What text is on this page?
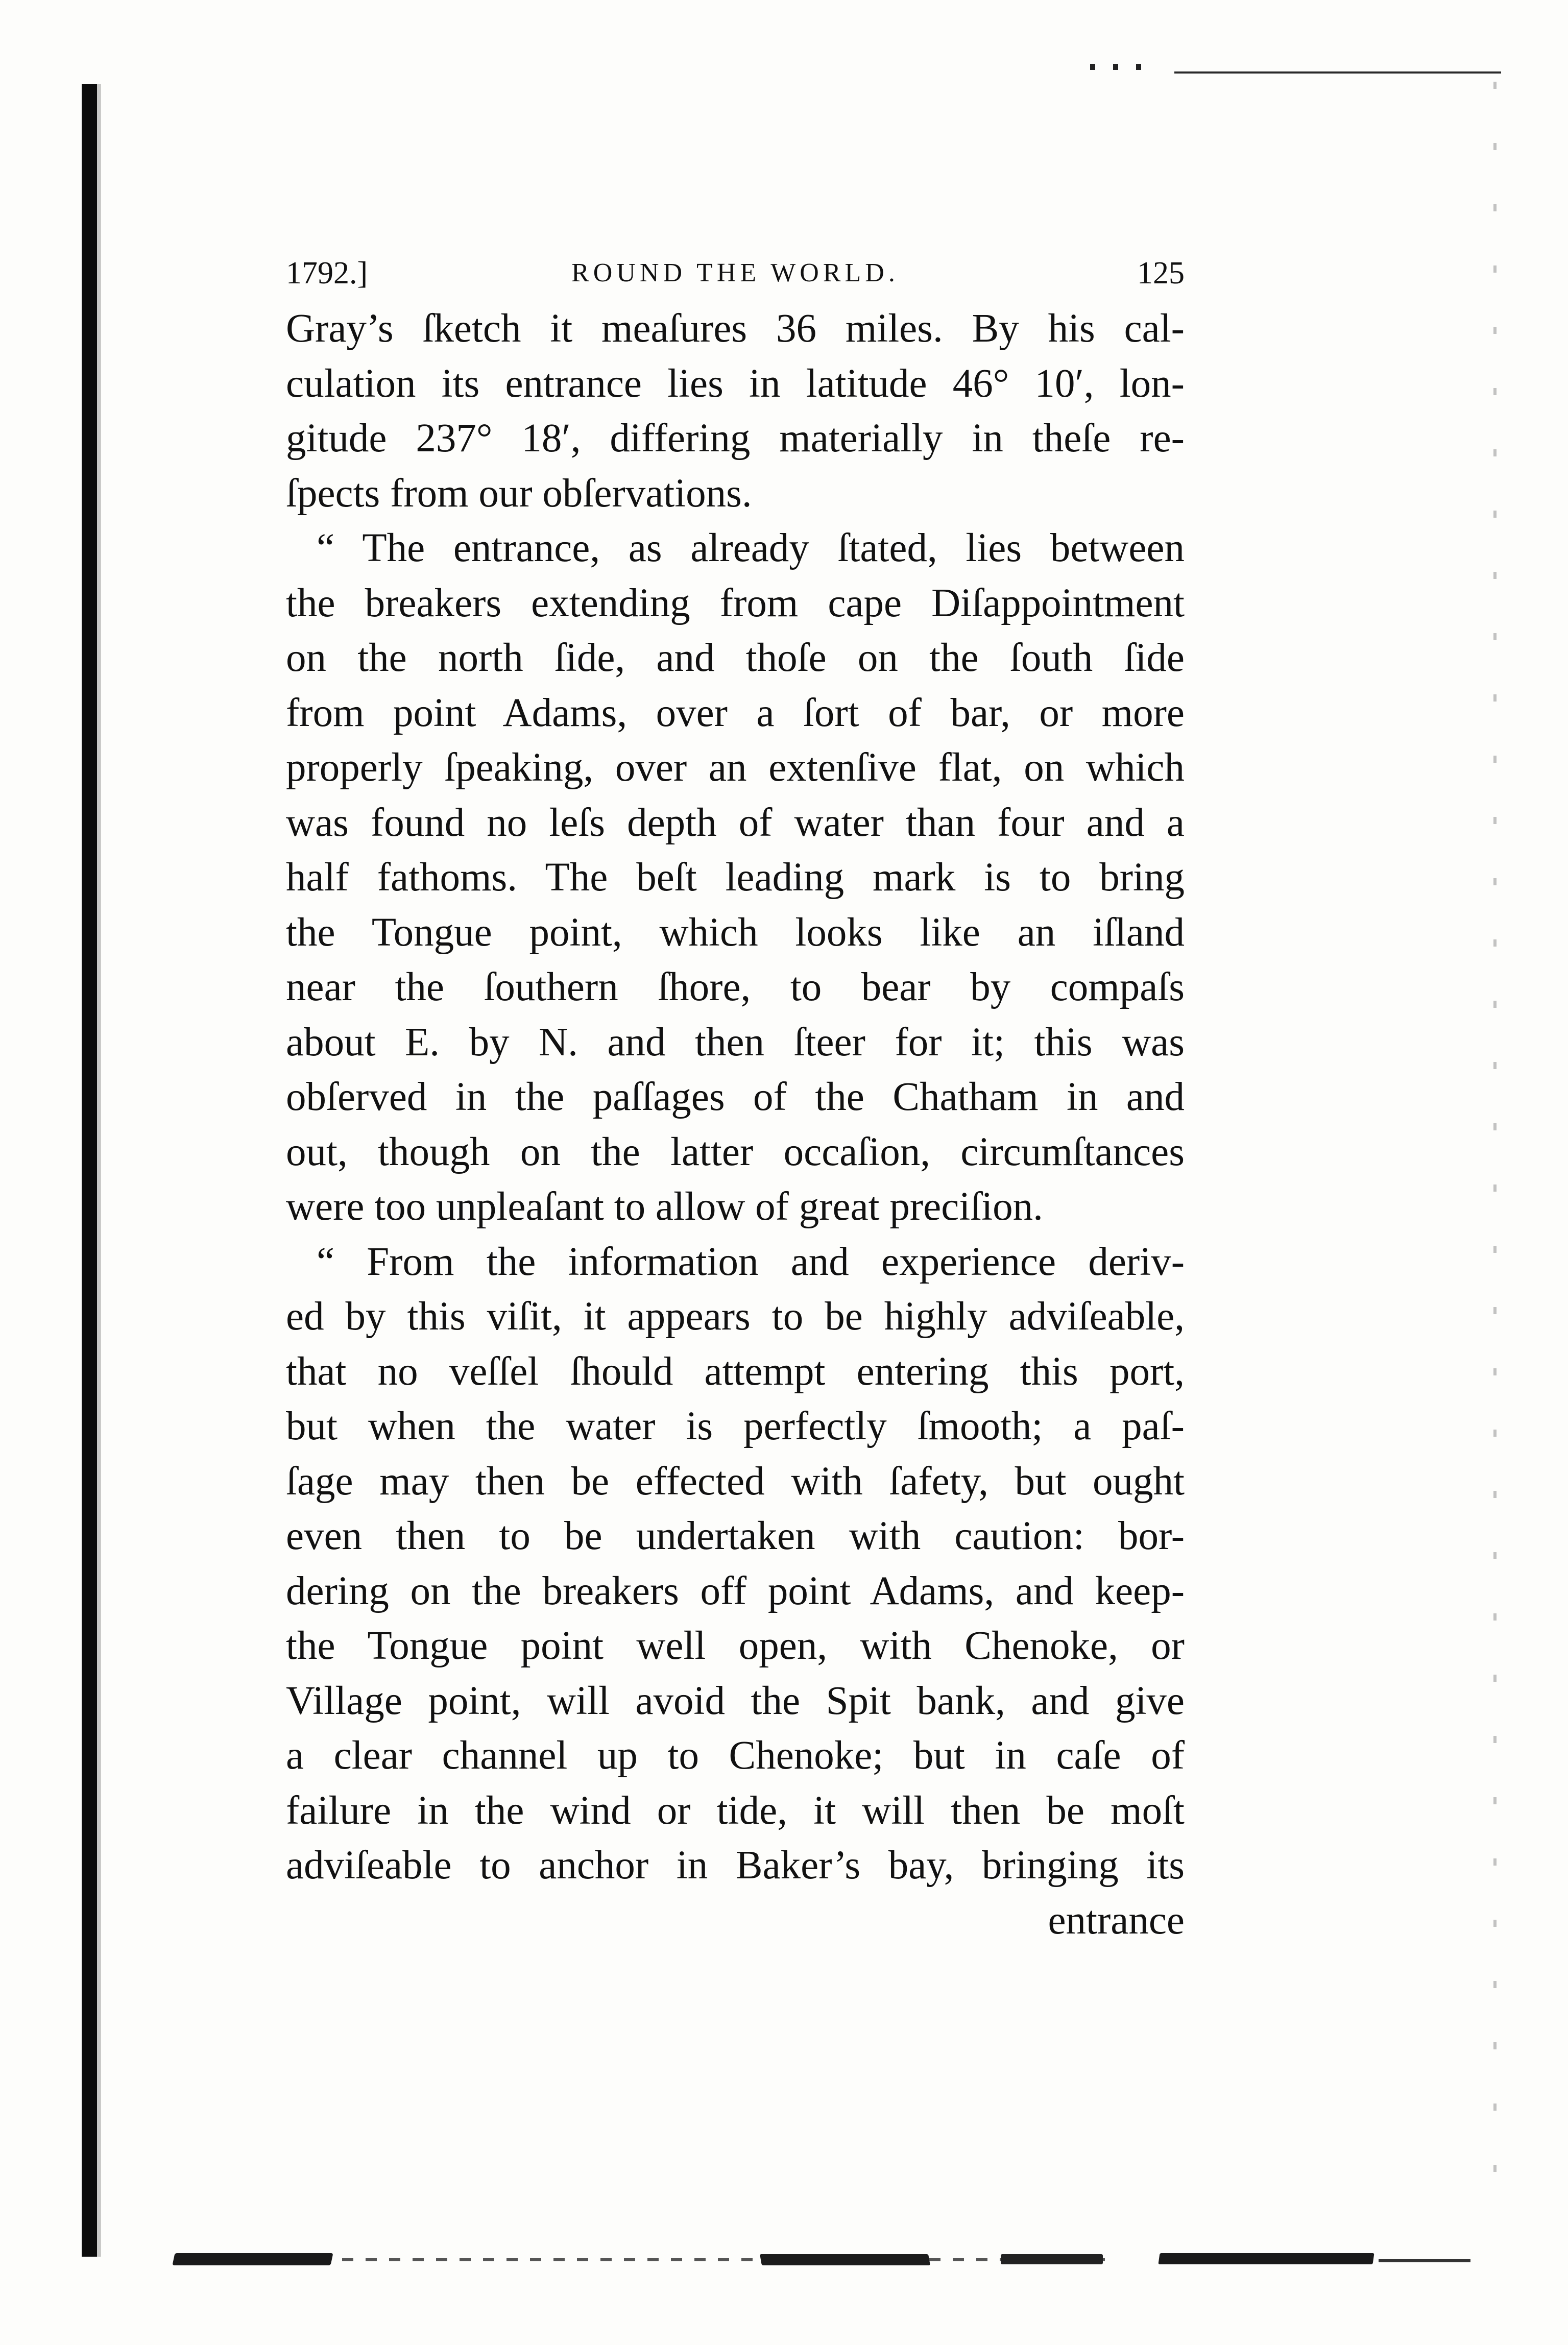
1792.]	ROUND THE WORLD.	125
Gray’s ſketch it meaſures 36 miles. By his cal-
culation its entrance lies in latitude 46° 10′, lon-
gitude 237° 18′, differing materially in theſe re-
ſpects from our obſervations.
“ The entrance, as already ſtated, lies between
the breakers extending from cape Diſappointment
on the north ſide, and thoſe on the ſouth ſide
from point Adams, over a ſort of bar, or more
properly ſpeaking, over an extenſive flat, on which
was found no leſs depth of water than four and a
half fathoms. The beſt leading mark is to bring
the Tongue point, which looks like an iſland
near the ſouthern ſhore, to bear by compaſs
about E. by N. and then ſteer for it; this was
obſerved in the paſſages of the Chatham in and
out, though on the latter occaſion, circumſtances
were too unpleaſant to allow of great preciſion.
“ From the information and experience deriv-
ed by this viſit, it appears to be highly adviſeable,
that no veſſel ſhould attempt entering this port,
but when the water is perfectly ſmooth; a paſ-
ſage may then be effected with ſafety, but ought
even then to be undertaken with caution: bor-
dering on the breakers off point Adams, and keep-
the Tongue point well open, with Chenoke, or
Village point, will avoid the Spit bank, and give
a clear channel up to Chenoke; but in caſe of
failure in the wind or tide, it will then be moſt
adviſeable to anchor in Baker’s bay, bringing its
entrance
